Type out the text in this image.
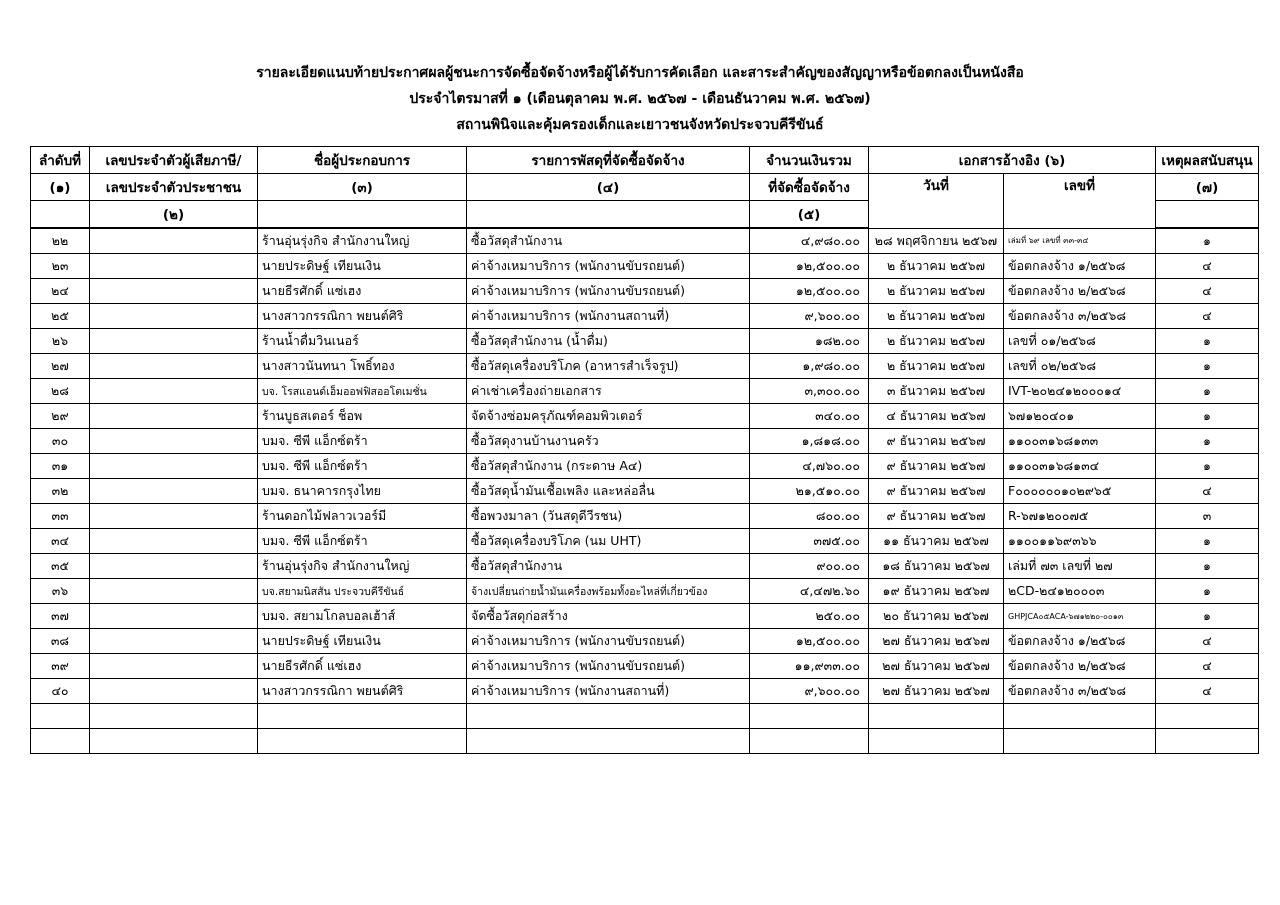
รายละเอียดแนบท้ายประกาศผลผู้ชนะการจัดซื้อจัดจ้างหรือผู้ได้รับการคัดเลือก และสาระสำคัญของสัญญาหรือข้อตกลงเป็นหนังสือ
ประจำไตรมาสที่ ๑ (เดือนตุลาคม พ.ศ. ๒๕๖๗ - เดือนธันวาคม พ.ศ. ๒๕๖๗)
สถานพินิจและคุ้มครองเด็กและเยาวชนจังหวัดประจวบคีรีขันธ์
ลำดับที่	เลขประจำตัวผู้เสียภาษี/	ชื่อผู้ประกอบการ	รายการพัสดุที่จัดซื้อจัดจ้าง	จำนวนเงินรวม	เอกสารอ้างอิง (๖)		เหตุผลสนับสนุน
(๑)	เลขประจำตัวประชาชน	(๓)	(๔)	ที่จัดซื้อจัดจ้าง	วันที่	เลขที่	(๗)
	(๒)			(๕)			
๒๒		ร้านอุ่นรุ่งกิจ สำนักงานใหญ่	ซื้อวัสดุสำนักงาน	๔,๙๘๐.๐๐	๒๘ พฤศจิกายน ๒๕๖๗	เล่มที่ ๖๙ เลขที่ ๓๓-๓๔	๑
๒๓		นายประดิษฐ์ เทียนเงิน	ค่าจ้างเหมาบริการ (พนักงานขับรถยนต์)	๑๒,๕๐๐.๐๐	๒ ธันวาคม ๒๕๖๗	ข้อตกลงจ้าง ๑/๒๕๖๘	๔
๒๔		นายธีรศักดิ์ แซ่เฮง	ค่าจ้างเหมาบริการ (พนักงานขับรถยนต์)	๑๒,๕๐๐.๐๐	๒ ธันวาคม ๒๕๖๗	ข้อตกลงจ้าง ๒/๒๕๖๘	๔
๒๕		นางสาวกรรณิกา พยนต์ศิริ	ค่าจ้างเหมาบริการ (พนักงานสถานที่)	๙,๖๐๐.๐๐	๒ ธันวาคม ๒๕๖๗	ข้อตกลงจ้าง ๓/๒๕๖๘	๔
๒๖		ร้านน้ำดื่มวินเนอร์	ซื้อวัสดุสำนักงาน (น้ำดื่ม)	๑๘๒.๐๐	๒ ธันวาคม ๒๕๖๗	เลขที่ ๐๑/๒๕๖๘	๑
๒๗		นางสาวนันทนา โพธิ์ทอง	ซื้อวัสดุเครื่องบริโภค (อาหารสำเร็จรูป)	๑,๙๘๐.๐๐	๒ ธันวาคม ๒๕๖๗	เลขที่ ๐๒/๒๕๖๘	๑
๒๘		บจ. โรสแอนด์เอ็มออฟฟิสออโตเมชั่น	ค่าเช่าเครื่องถ่ายเอกสาร	๓,๓๐๐.๐๐	๓ ธันวาคม ๒๕๖๗	IVT-๒๐๒๔๑๒๐๐๐๑๔	๑
๒๙		ร้านบูธสเตอร์ ช็อพ	จัดจ้างซ่อมครุภัณฑ์คอมพิวเตอร์	๓๔๐.๐๐	๔ ธันวาคม ๒๕๖๗	๖๗๑๒๐๔๐๑	๑
๓๐		บมจ. ซีพี แอ็กซ์ตร้า	ซื้อวัสดุงานบ้านงานครัว	๑,๘๑๘.๐๐	๙ ธันวาคม ๒๕๖๗	๑๑๐๐๓๑๖๘๑๓๓	๑
๓๑		บมจ. ซีพี แอ็กซ์ตร้า	ซื้อวัสดุสำนักงาน (กระดาษ A๔)	๔,๗๖๐.๐๐	๙ ธันวาคม ๒๕๖๗	๑๑๐๐๓๑๖๘๑๓๔	๑
๓๒		บมจ. ธนาคารกรุงไทย	ซื้อวัสดุน้ำมันเชื้อเพลิง และหล่อลื่น	๒๑,๕๑๐.๐๐	๙ ธันวาคม ๒๕๖๗	F๐๐๐๐๐๐๑๐๒๙๖๕	๔
๓๓		ร้านดอกไม้ฟลาวเวอร์มี	ซื้อพวงมาลา (วันสดุดีวีรชน)	๘๐๐.๐๐	๙ ธันวาคม ๒๕๖๗	R-๖๗๑๒๐๐๗๕	๓
๓๔		บมจ. ซีพี แอ็กซ์ตร้า	ซื้อวัสดุเครื่องบริโภค (นม UHT)	๓๗๕.๐๐	๑๑ ธันวาคม ๒๕๖๗	๑๑๐๐๑๑๖๙๓๖๖	๑
๓๕		ร้านอุ่นรุ่งกิจ สำนักงานใหญ่	ซื้อวัสดุสำนักงาน	๙๐๐.๐๐	๑๘ ธันวาคม ๒๕๖๗	เล่มที่ ๗๓ เลขที่ ๒๗	๑
๓๖		บจ.สยามนิสสัน ประจวบคีรีขันธ์	จ้างเปลี่ยนถ่ายน้ำมันเครื่องพร้อมทั้งอะไหล่ที่เกี่ยวข้อง	๔,๔๗๒.๖๐	๑๙ ธันวาคม ๒๕๖๗	๒CD-๒๔๑๒๐๐๐๓	๑
๓๗		บมจ. สยามโกลบอลเฮ้าส์	จัดซื้อวัสดุก่อสร้าง	๒๕๐.๐๐	๒๐ ธันวาคม ๒๕๖๗	GHPJCA๐๕ACA-๖๗๑๒๒๐-๐๐๑๓	๑
๓๘		นายประดิษฐ์ เทียนเงิน	ค่าจ้างเหมาบริการ (พนักงานขับรถยนต์)	๑๒,๕๐๐.๐๐	๒๗ ธันวาคม ๒๕๖๗	ข้อตกลงจ้าง ๑/๒๕๖๘	๔
๓๙		นายธีรศักดิ์ แซ่เฮง	ค่าจ้างเหมาบริการ (พนักงานขับรถยนต์)	๑๑,๙๓๓.๐๐	๒๗ ธันวาคม ๒๕๖๗	ข้อตกลงจ้าง ๒/๒๕๖๘	๔
๔๐		นางสาวกรรณิกา พยนต์ศิริ	ค่าจ้างเหมาบริการ (พนักงานสถานที่)	๙,๖๐๐.๐๐	๒๗ ธันวาคม ๒๕๖๗	ข้อตกลงจ้าง ๓/๒๕๖๘	๔
